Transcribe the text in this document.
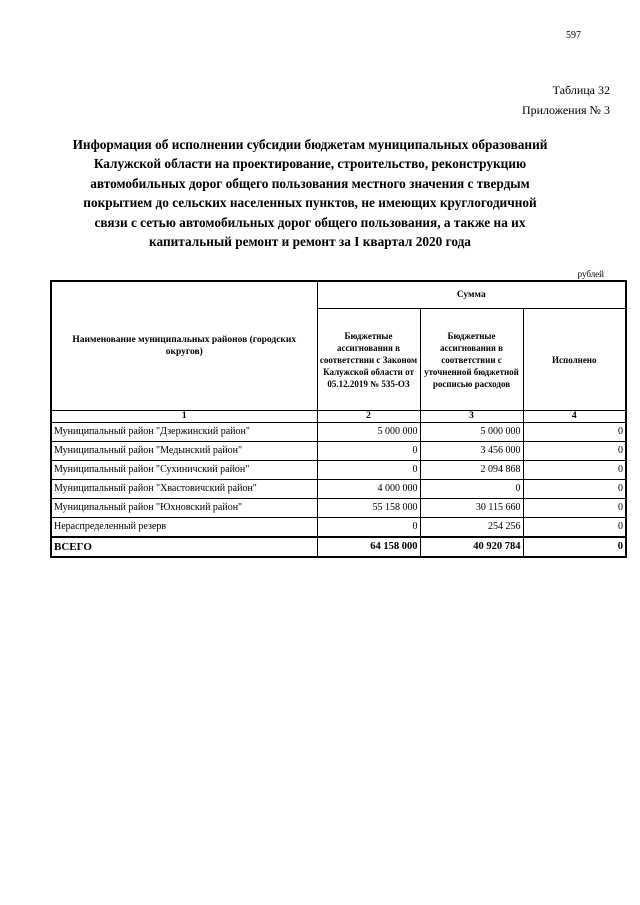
597
Таблица 32
Приложения № 3
Информация об исполнении субсидии бюджетам муниципальных образований Калужской области на проектирование, строительство, реконструкцию автомобильных дорог общего пользования местного значения с твердым покрытием до сельских населенных пунктов, не имеющих круглогодичной связи с сетью автомобильных дорог общего пользования, а также на их капитальный ремонт и ремонт за I квартал 2020 года
рублей
Наименование муниципальных районов (городских округов)	Сумма		
	Бюджетные ассигнования в соответствии с Законом Калужской области от 05.12.2019 № 535-ОЗ	Бюджетные ассигнования в соответствии с уточненной бюджетной росписью расходов	Исполнено
1	2	3	4
Муниципальный район "Дзержинский район"	5 000 000	5 000 000	0
Муниципальный район "Медынский район"	0	3 456 000	0
Муниципальный район "Сухиничский район"	0	2 094 868	0
Муниципальный район "Хвастовичский район"	4 000 000	0	0
Муниципальный район "Юхновский район"	55 158 000	30 115 660	0
Нераспределенный резерв	0	254 256	0
ВСЕГО	64 158 000	40 920 784	0
